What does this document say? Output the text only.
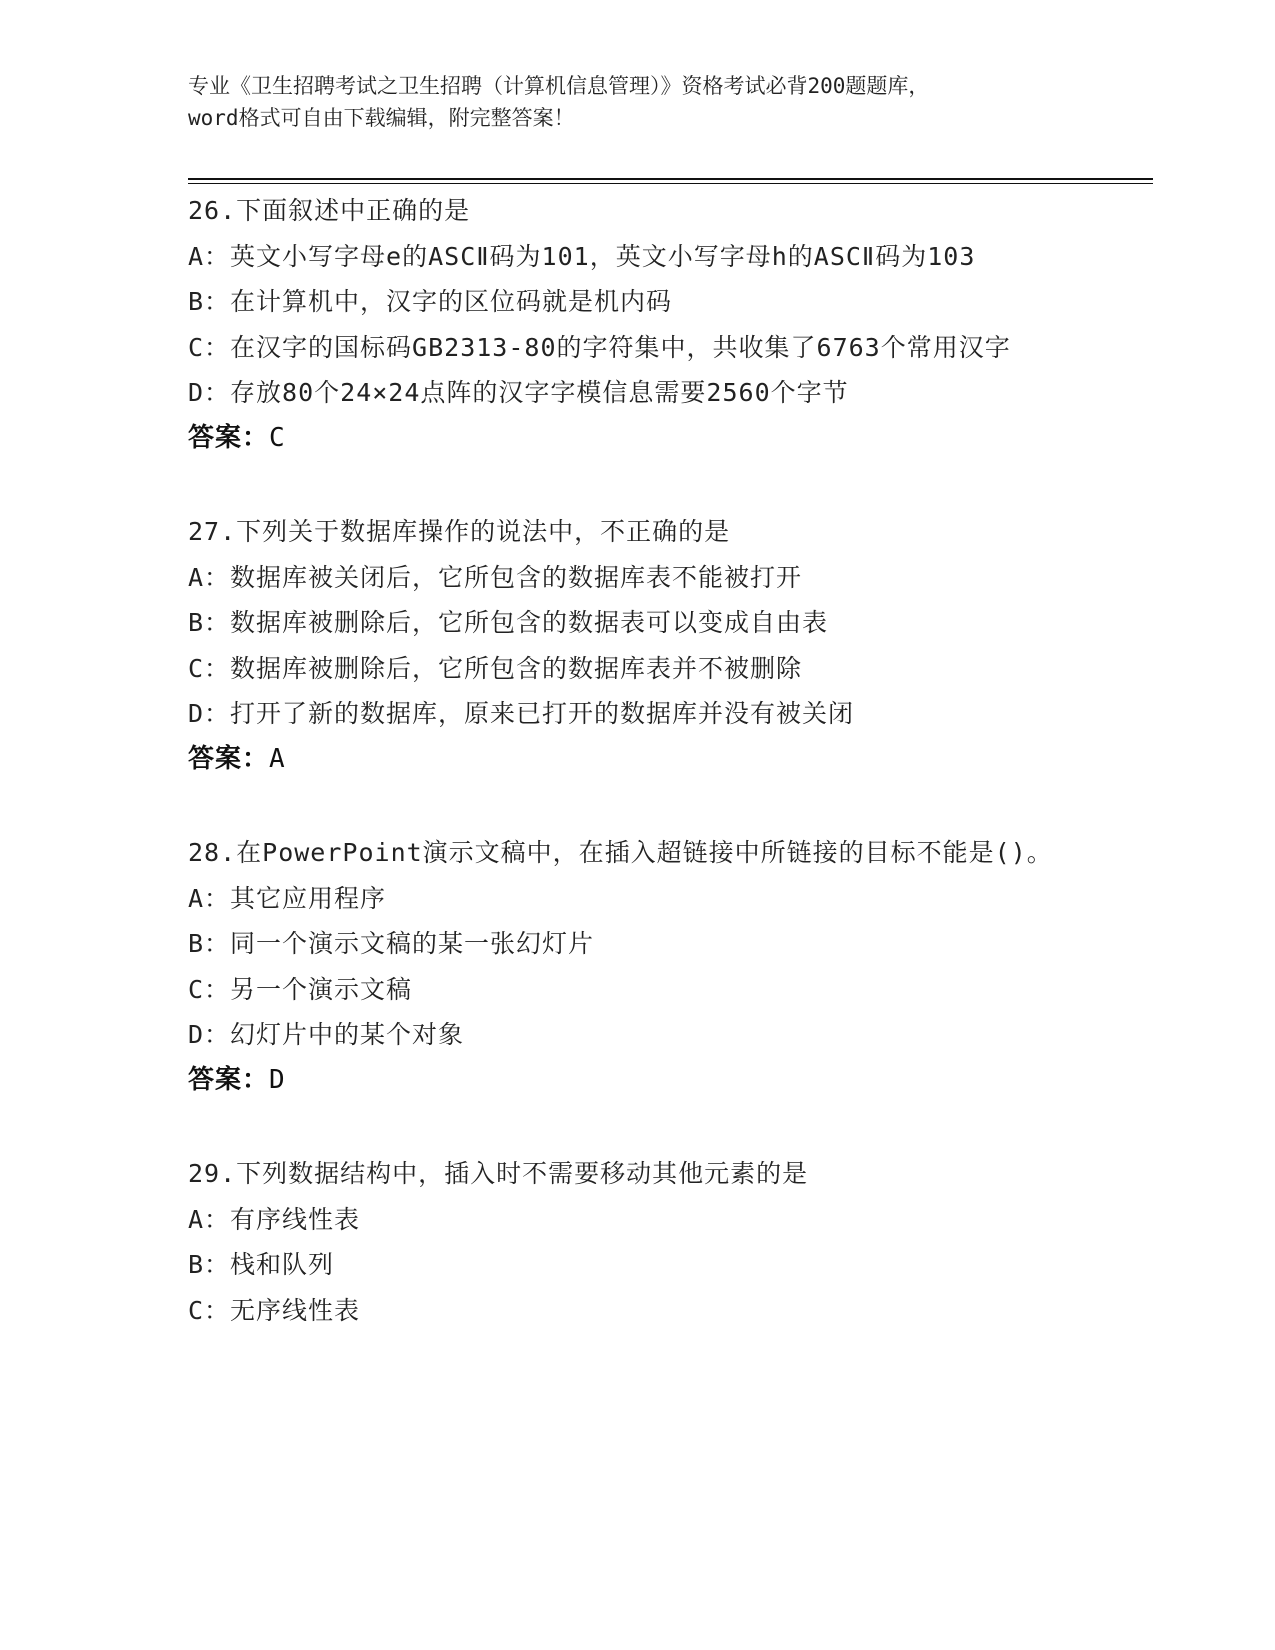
专业《卫生招聘考试之卫生招聘（计算机信息管理）》资格考试必背200题题库，
word格式可自由下载编辑，附完整答案！
26.下面叙述中正确的是
A：英文小写字母e的ASCⅡ码为101，英文小写字母h的ASCⅡ码为103
B：在计算机中，汉字的区位码就是机内码
C：在汉字的国标码GB2313-80的字符集中，共收集了6763个常用汉字
D：存放80个24×24点阵的汉字字模信息需要2560个字节
答案：C
27.下列关于数据库操作的说法中，不正确的是
A：数据库被关闭后，它所包含的数据库表不能被打开
B：数据库被删除后，它所包含的数据表可以变成自由表
C：数据库被删除后，它所包含的数据库表并不被删除
D：打开了新的数据库，原来已打开的数据库并没有被关闭
答案：A
28.在PowerPoint演示文稿中，在插入超链接中所链接的目标不能是()。
A：其它应用程序
B：同一个演示文稿的某一张幻灯片
C：另一个演示文稿
D：幻灯片中的某个对象
答案：D
29.下列数据结构中，插入时不需要移动其他元素的是
A：有序线性表
B：栈和队列
C：无序线性表
